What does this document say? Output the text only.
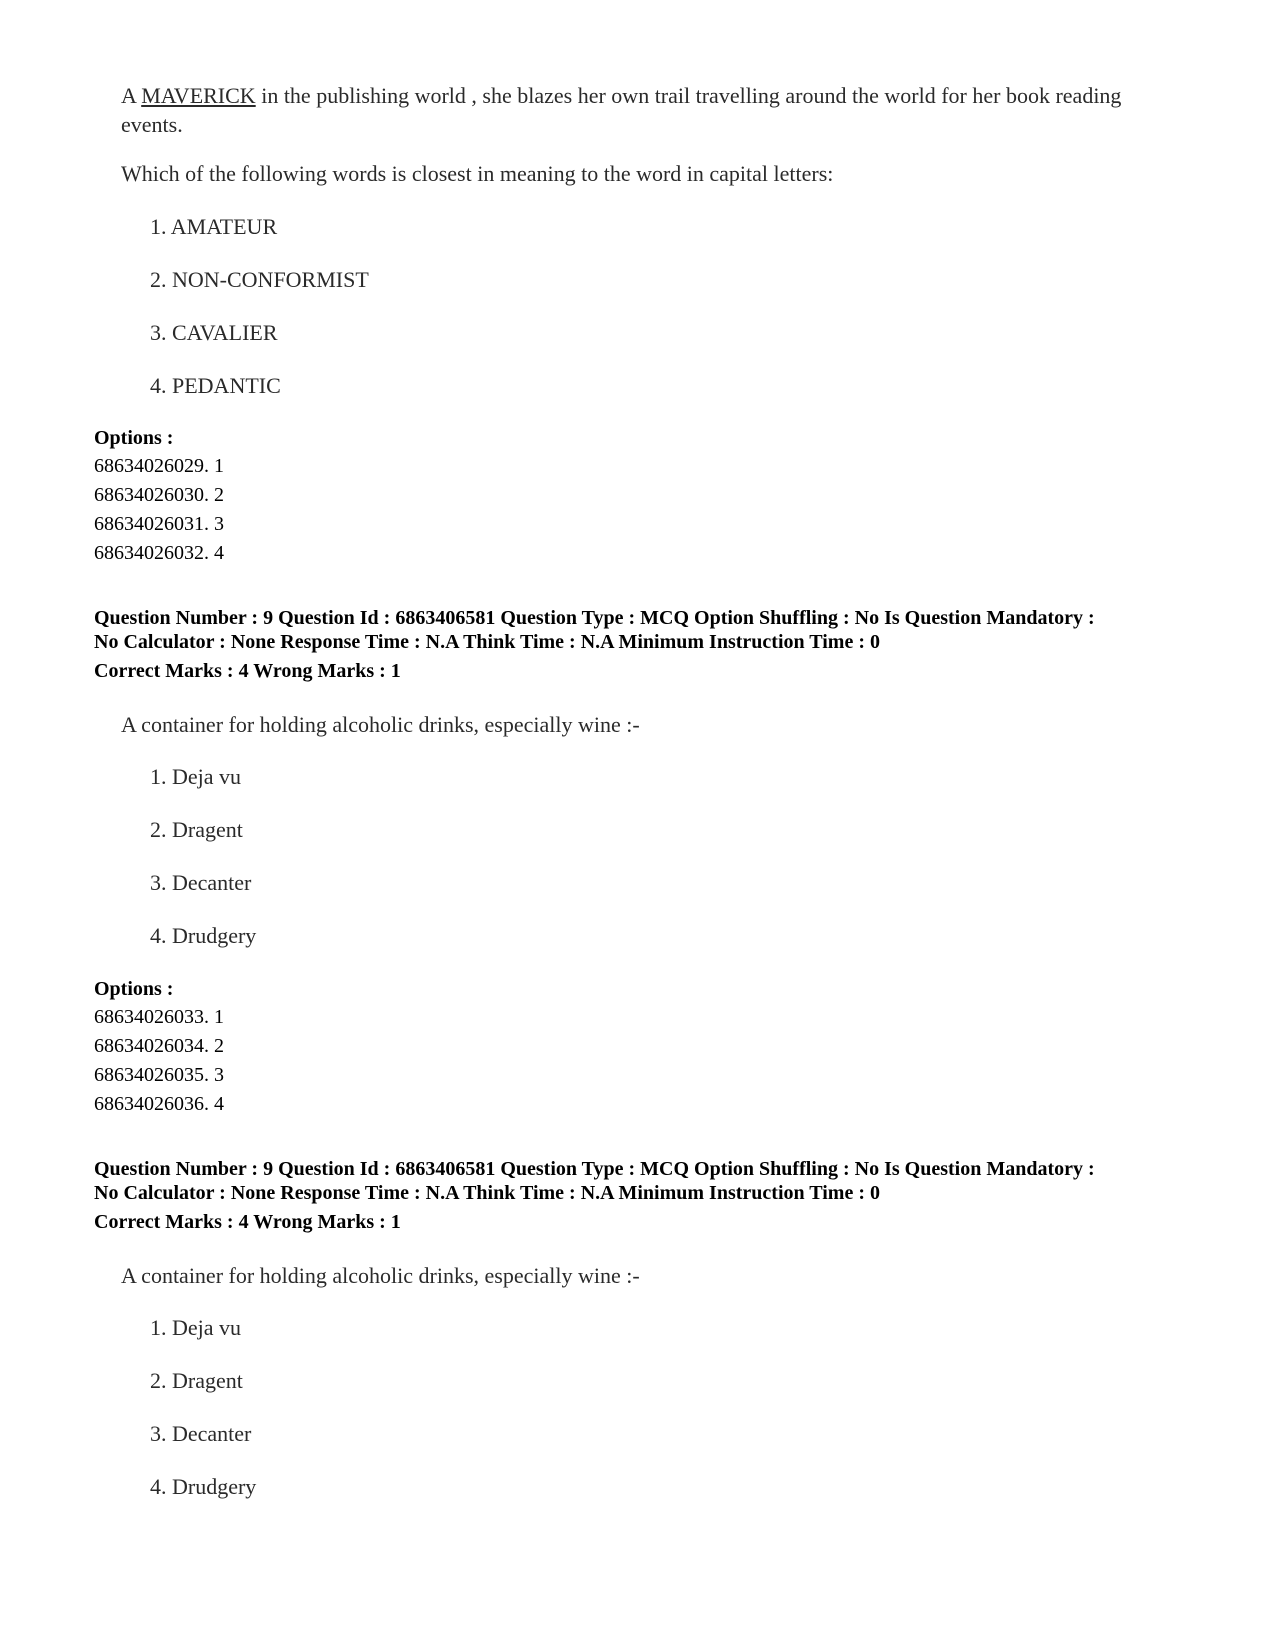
A MAVERICK in the publishing world , she blazes her own trail travelling around the world for her book reading events.
Which of the following words is closest in meaning to the word in capital letters:
1. AMATEUR
2. NON-CONFORMIST
3. CAVALIER
4. PEDANTIC
Options :
68634026029. 1
68634026030. 2
68634026031. 3
68634026032. 4
Question Number : 9 Question Id : 6863406581 Question Type : MCQ Option Shuffling : No Is Question Mandatory :
No Calculator : None Response Time : N.A Think Time : N.A Minimum Instruction Time : 0
Correct Marks : 4 Wrong Marks : 1
A container for holding alcoholic drinks, especially wine :-
1. Deja vu
2. Dragent
3. Decanter
4. Drudgery
Options :
68634026033. 1
68634026034. 2
68634026035. 3
68634026036. 4
Question Number : 9 Question Id : 6863406581 Question Type : MCQ Option Shuffling : No Is Question Mandatory :
No Calculator : None Response Time : N.A Think Time : N.A Minimum Instruction Time : 0
Correct Marks : 4 Wrong Marks : 1
A container for holding alcoholic drinks, especially wine :-
1. Deja vu
2. Dragent
3. Decanter
4. Drudgery
